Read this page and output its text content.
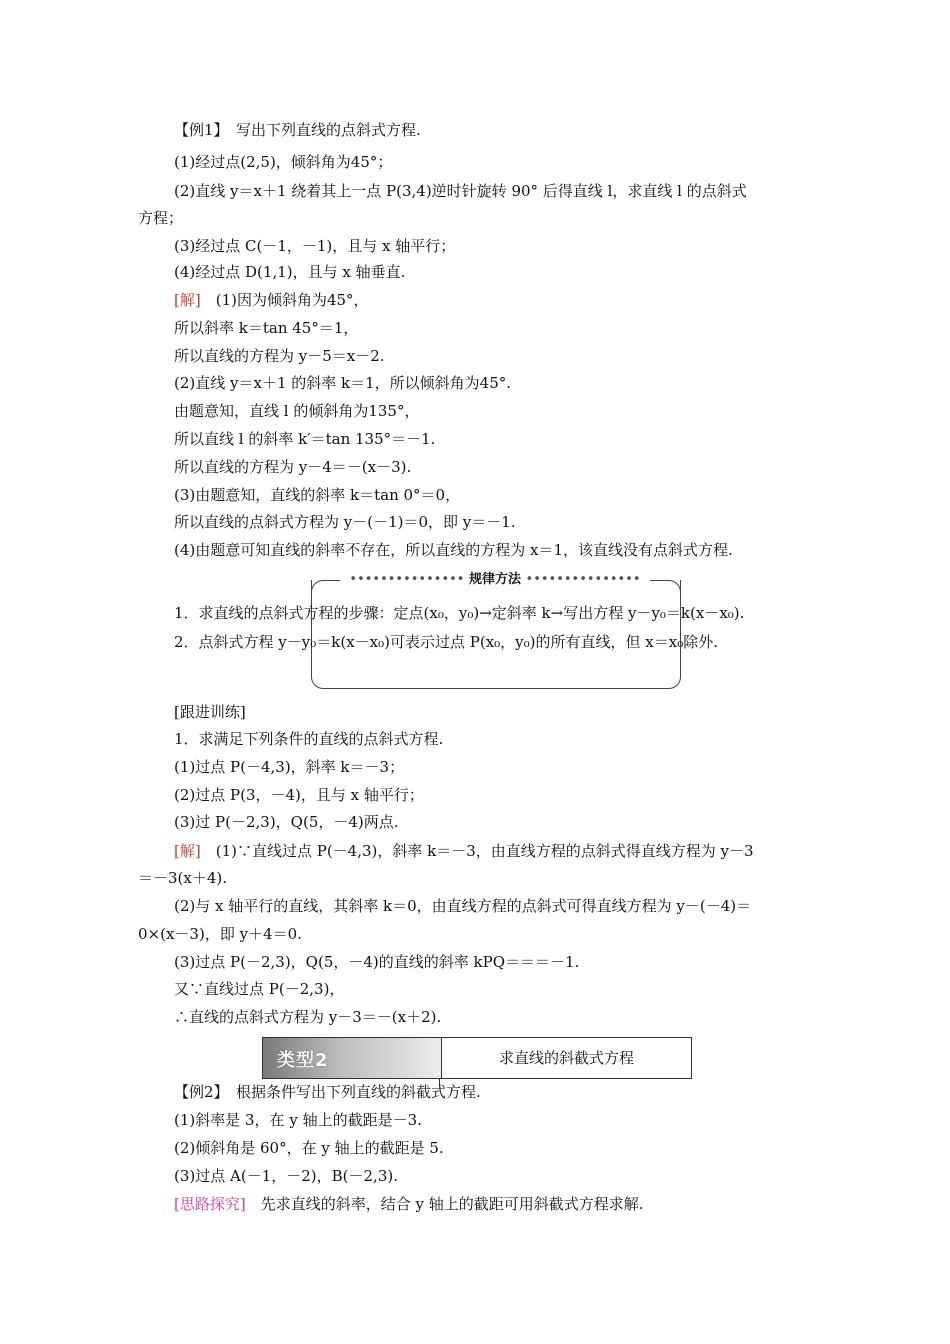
【例1】　写出下列直线的点斜式方程.
(1)经过点(2,5)，倾斜角为45°；
(2)直线 y＝x＋1 绕着其上一点 P(3,4)逆时针旋转 90° 后得直线 l，求直线 l 的点斜式
方程；
(3)经过点 C(－1，－1)，且与 x 轴平行；
(4)经过点 D(1,1)，且与 x 轴垂直.
[解]　(1)因为倾斜角为45°，
所以斜率 k＝tan 45°＝1，
所以直线的方程为 y－5＝x－2.
(2)直线 y＝x＋1 的斜率 k＝1，所以倾斜角为45°.
由题意知，直线 l 的倾斜角为135°，
所以直线 l 的斜率 k′＝tan 135°＝－1.
所以直线的方程为 y－4＝－(x－3).
(3)由题意知，直线的斜率 k＝tan 0°＝0，
所以直线的点斜式方程为 y－(－1)＝0，即 y＝－1.
(4)由题意可知直线的斜率不存在，所以直线的方程为 x＝1，该直线没有点斜式方程.
••••••••••••••• 规律方法 •••••••••••••••
1．求直线的点斜式方程的步骤：定点(x₀，y₀)→定斜率 k→写出方程 y－y₀＝k(x－x₀).
2．点斜式方程 y－y₀＝k(x－x₀)可表示过点 P(x₀，y₀)的所有直线，但 x＝x₀除外.
[跟进训练]
1．求满足下列条件的直线的点斜式方程.
(1)过点 P(－4,3)，斜率 k＝－3；
(2)过点 P(3，－4)，且与 x 轴平行；
(3)过 P(－2,3)，Q(5，－4)两点.
[解]　(1)∵直线过点 P(－4,3)，斜率 k＝－3，由直线方程的点斜式得直线方程为 y－3
＝－3(x＋4).
(2)与 x 轴平行的直线，其斜率 k＝0，由直线方程的点斜式可得直线方程为 y－(－4)＝
0×(x－3)，即 y＋4＝0.
(3)过点 P(－2,3)，Q(5，－4)的直线的斜率 kPQ＝＝＝－1.
又∵直线过点 P(－2,3)，
∴直线的点斜式方程为 y－3＝－(x＋2).
类型2	求直线的斜截式方程
【例2】　根据条件写出下列直线的斜截式方程.
(1)斜率是 3，在 y 轴上的截距是－3.
(2)倾斜角是 60°，在 y 轴上的截距是 5.
(3)过点 A(－1，－2)，B(－2,3).
[思路探究]　先求直线的斜率，结合 y 轴上的截距可用斜截式方程求解.
